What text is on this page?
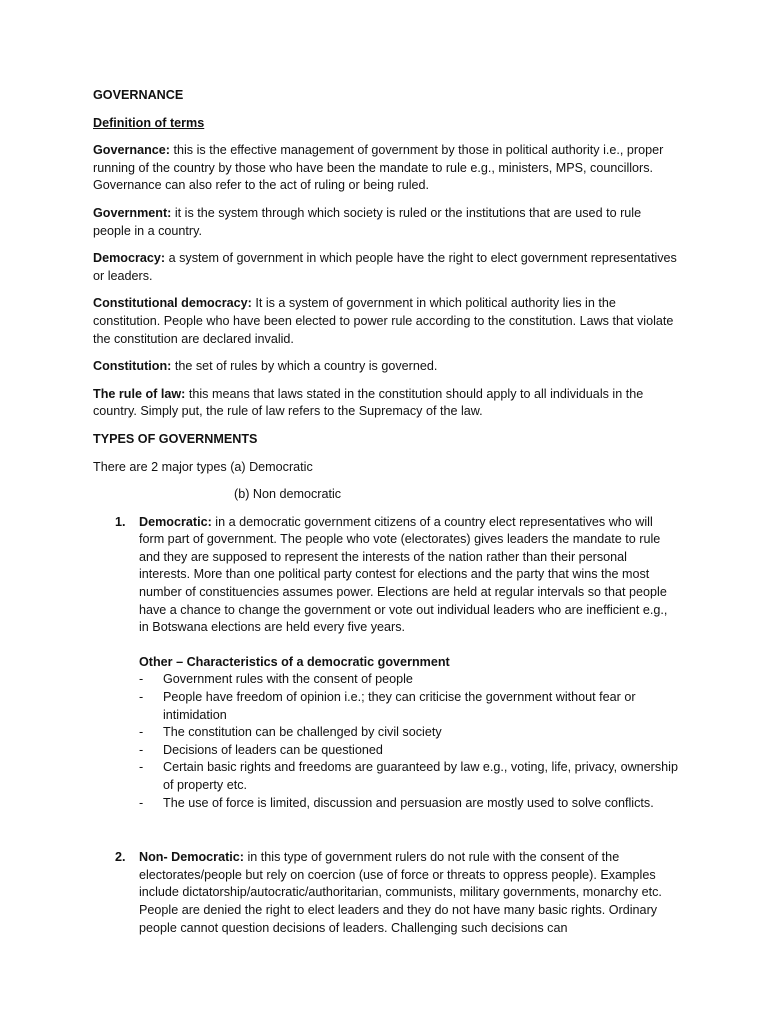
GOVERNANCE
Definition of terms
Governance: this is the effective management of government by those in political authority i.e., proper running of the country by those who have been the mandate to rule e.g., ministers, MPS, councillors. Governance can also refer to the act of ruling or being ruled.
Government: it is the system through which society is ruled or the institutions that are used to rule people in a country.
Democracy: a system of government in which people have the right to elect government representatives or leaders.
Constitutional democracy: It is a system of government in which political authority lies in the constitution. People who have been elected to power rule according to the constitution. Laws that violate the constitution are declared invalid.
Constitution: the set of rules by which a country is governed.
The rule of law: this means that laws stated in the constitution should apply to all individuals in the country. Simply put, the rule of law refers to the Supremacy of the law.
TYPES OF GOVERNMENTS
There are 2 major types (a) Democratic
(b) Non democratic
1. Democratic: in a democratic government citizens of a country elect representatives who will form part of government. The people who vote (electorates) gives leaders the mandate to rule and they are supposed to represent the interests of the nation rather than their personal interests. More than one political party contest for elections and the party that wins the most number of constituencies assumes power. Elections are held at regular intervals so that people have a chance to change the government or vote out individual leaders who are inefficient e.g., in Botswana elections are held every five years.
Other – Characteristics of a democratic government
- Government rules with the consent of people
- People have freedom of opinion i.e.; they can criticise the government without fear or intimidation
- The constitution can be challenged by civil society
- Decisions of leaders can be questioned
- Certain basic rights and freedoms are guaranteed by law e.g., voting, life, privacy, ownership of property etc.
- The use of force is limited, discussion and persuasion are mostly used to solve conflicts.
2. Non- Democratic: in this type of government rulers do not rule with the consent of the electorates/people but rely on coercion (use of force or threats to oppress people). Examples include dictatorship/autocratic/authoritarian, communists, military governments, monarchy etc. People are denied the right to elect leaders and they do not have many basic rights. Ordinary people cannot question decisions of leaders. Challenging such decisions can
